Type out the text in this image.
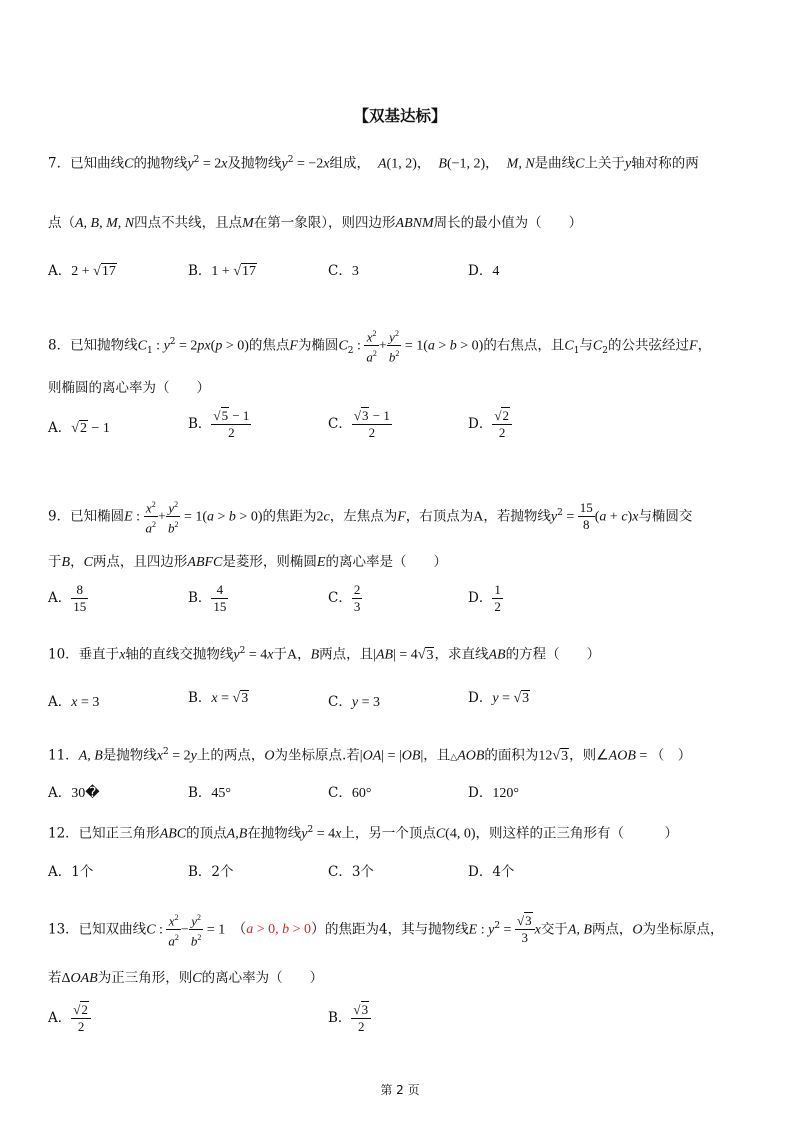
【双基达标】
7．已知曲线C的抛物线$y^2 = 2x$及抛物线$y^2 = -2x$组成， A(1, 2)， B(−1, 2)， M, N是曲线C上关于y轴对称的两
点（A, B, M, N四点不共线，且点M在第一象限），则四边形ABNM周长的最小值为（　　）
A．2 + √17	B．1 + √17	C．3	D．4
8．已知抛物线$C_1$ : $y^2 = 2px(p > 0)$的焦点F为椭圆$C_2$ : $\frac{x^2}{a^2} + \frac{y^2}{b^2} = 1(a > b > 0)$的右焦点，且$C_1$与$C_2$的公共弦经过F，
则椭圆的离心率为（　　）
A．√2 − 1	B． $\frac{√5 - 1}{2}$	C． $\frac{√3 - 1}{2}$	D． $\frac{√2}{2}$
9．已知椭圆E : $\frac{x^2}{a^2} + \frac{y^2}{b^2} = 1(a > b > 0)$的焦距为2c，左焦点为F，右顶点为A，若抛物线$y^2 = \frac{15}{8} (a + c)x$与椭圆交
于B，C两点，且四边形ABFC是菱形，则椭圆E的离心率是（　　）
A． $\frac{8}{15}$	B． $\frac{4}{15}$	C． $\frac{2}{3}$	D． $\frac{1}{2}$
10．垂直于x轴的直线交抛物线$y^2 = 4x$于A，B两点，且|AB| = 4√3，求直线AB的方程（　　）
A．x = 3	B．x = √3	C．y = 3	D．y = √3
11．A, B是抛物线$x^2 = 2y$上的两点，O为坐标原点.若|OA| = |OB|，且△AOB的面积为12√3，则∠AOB = （　）
A．30�	B．45°	C．60°	D．120°
12．已知正三角形ABC的顶点A,B在抛物线$y^2 = 4x$上，另一个顶点C(4, 0)，则这样的正三角形有（　　　）
A．1个	B．2个	C．3个	D．4个
13．已知双曲线C : $\frac{x^2}{a^2} - \frac{y^2}{b^2} = 1$　（a > 0, b > 0）的焦距为4，其与抛物线E : $y^2 = \frac{√3}{3}$ x交于A, B两点，O为坐标原点，
若ΔOAB为正三角形，则C的离心率为（　　）
A． $\frac{√2}{2}$	B． $\frac{√3}{2}$
第 2 页
